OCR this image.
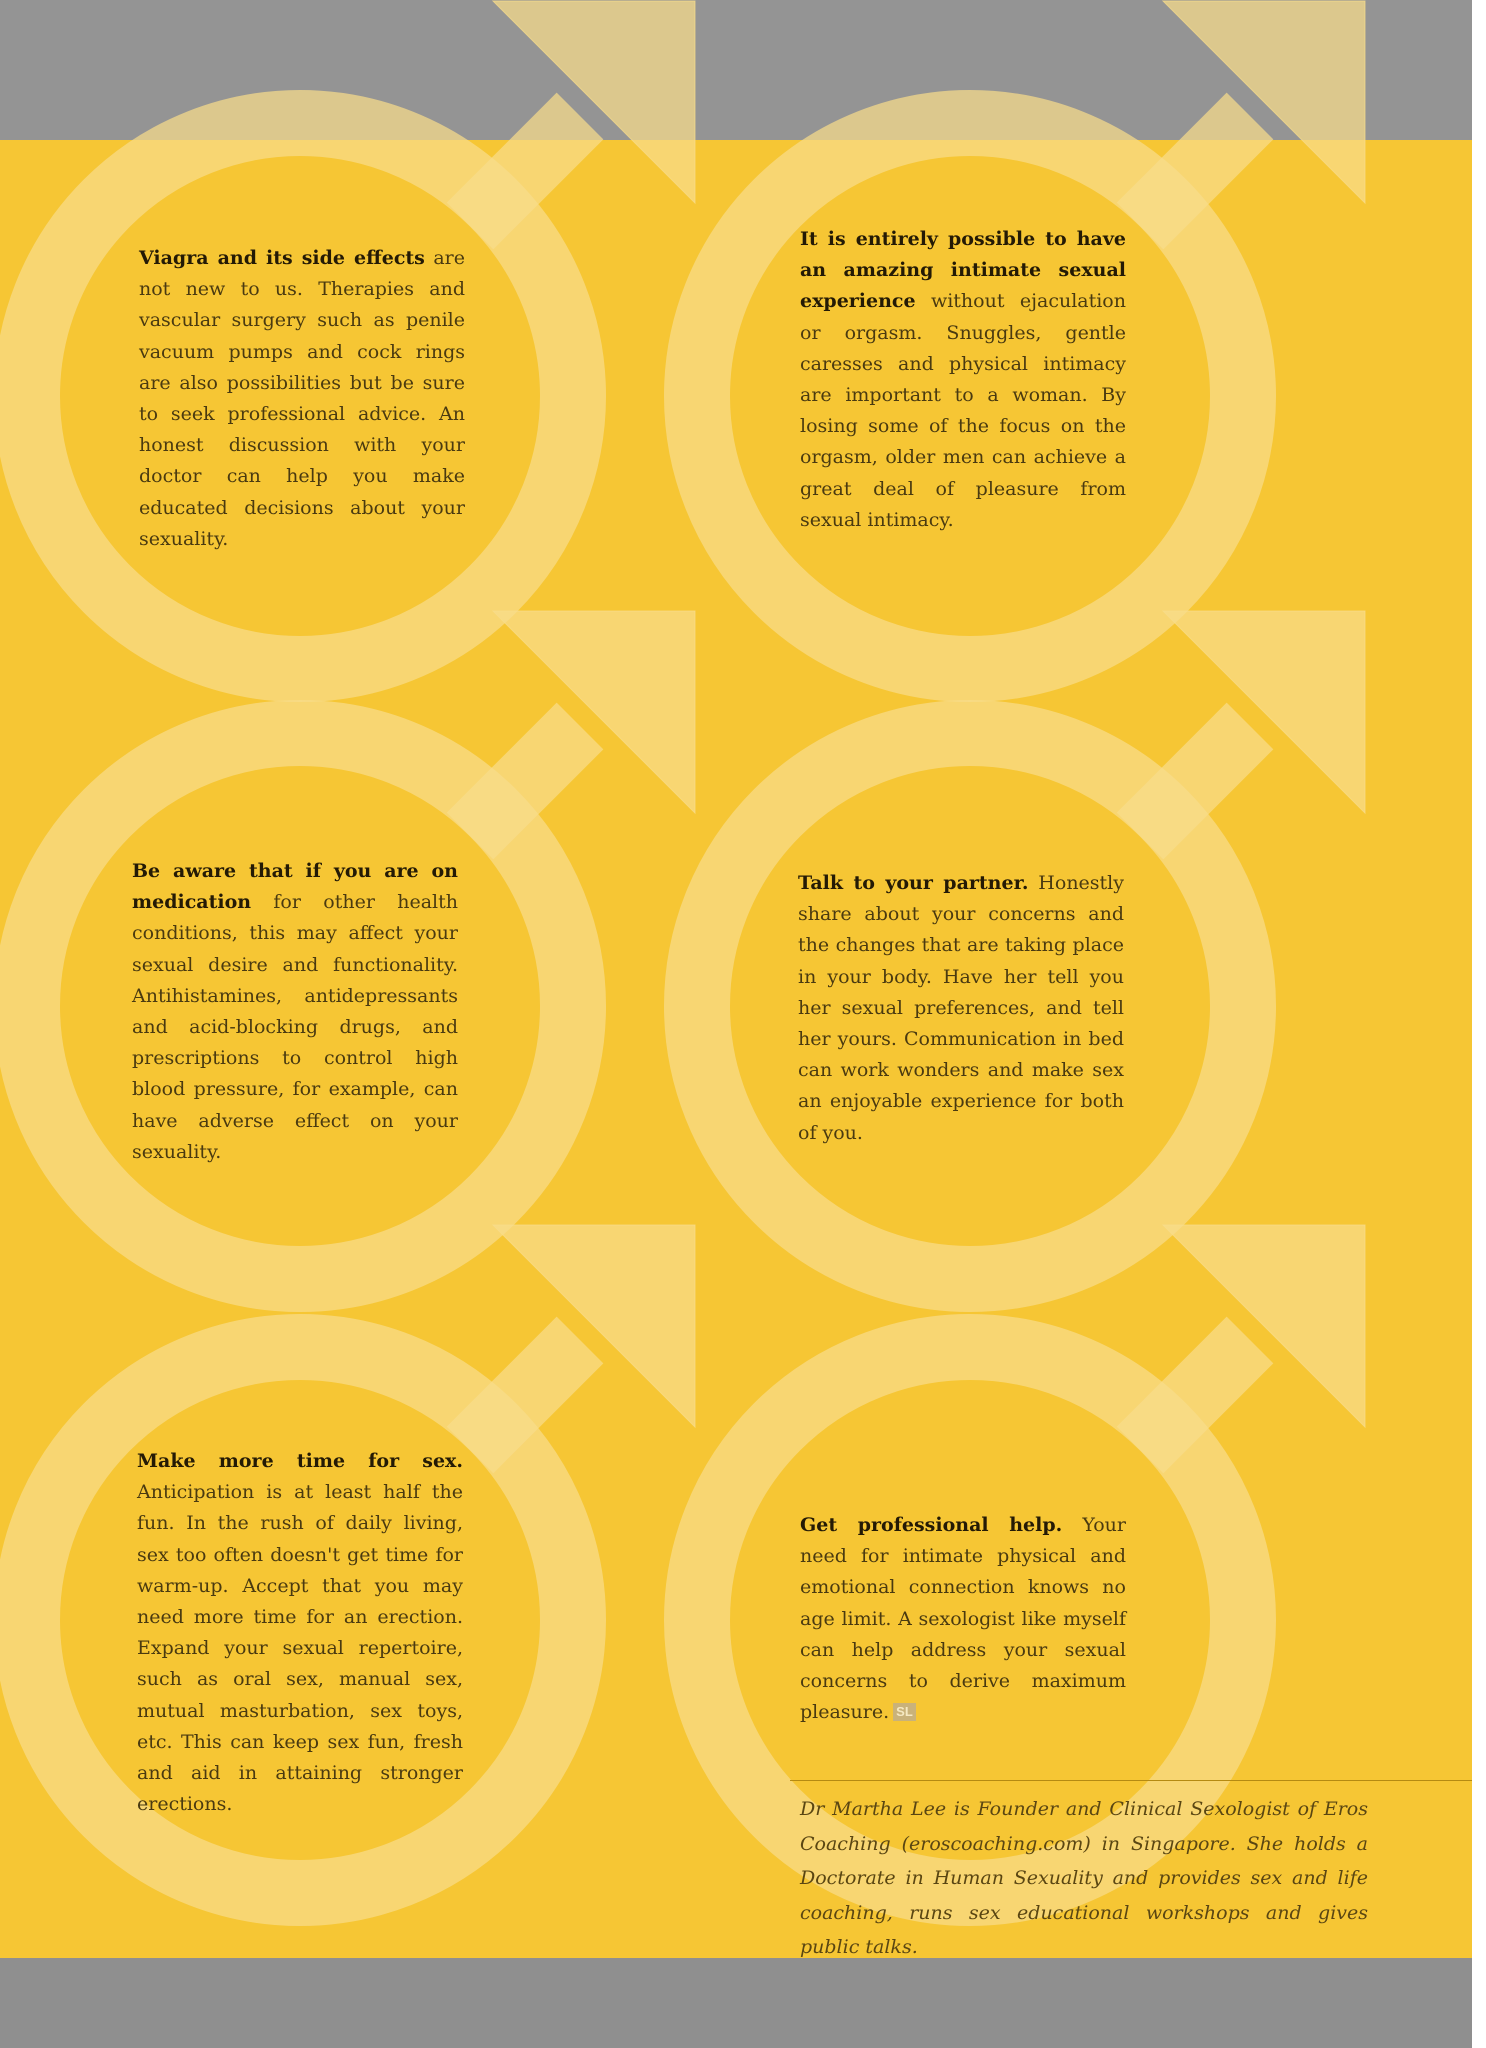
Viagra and its side effects are not new to us. Therapies and vascular surgery such as penile vacuum pumps and cock rings are also possibilities but be sure to seek professional advice. An honest discussion with your doctor can help you make educated decisions about your sexuality.

It is entirely possible to have an amazing intimate sexual experience without ejaculation or orgasm. Snuggles, gentle caresses and physical intimacy are important to a woman. By losing some of the focus on the orgasm, older men can achieve a great deal of pleasure from sexual intimacy.

Be aware that if you are on medication for other health conditions, this may affect your sexual desire and functionality. Antihistamines, antidepressants and acid-blocking drugs, and prescriptions to control high blood pressure, for example, can have adverse effect on your sexuality.

Talk to your partner. Honestly share about your concerns and the changes that are taking place in your body. Have her tell you her sexual preferences, and tell her yours. Communication in bed can work wonders and make sex an enjoyable experience for both of you.

Make more time for sex. Anticipation is at least half the fun. In the rush of daily living, sex too often doesn't get time for warm-up. Accept that you may need more time for an erection. Expand your sexual repertoire, such as oral sex, manual sex, mutual masturbation, sex toys, etc. This can keep sex fun, fresh and aid in attaining stronger erections.

Get professional help. Your need for intimate physical and emotional connection knows no age limit. A sexologist like myself can help address your sexual concerns to derive maximum pleasure. SL

Dr Martha Lee is Founder and Clinical Sexologist of Eros Coaching (eroscoaching.com) in Singapore. She holds a Doctorate in Human Sexuality and provides sex and life coaching, runs sex educational workshops and gives public talks.
